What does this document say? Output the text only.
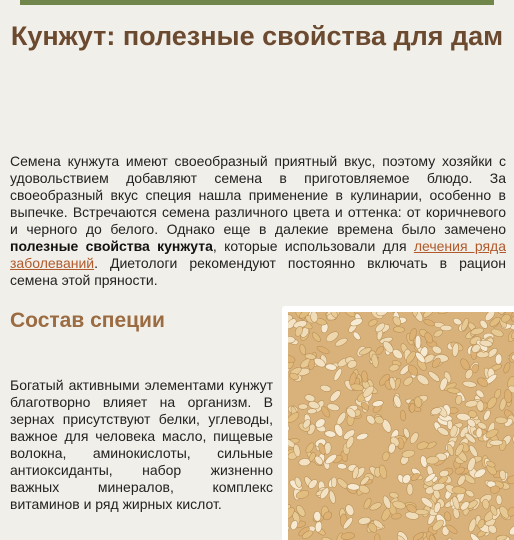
Кунжут: полезные свойства для дам

Семена кунжута имеют своеобразный приятный вкус, поэтому хозяйки с удовольствием добавляют семена в приготовляемое блюдо. За своеобразный вкус специя нашла применение в кулинарии, особенно в выпечке. Встречаются семена различного цвета и оттенка: от коричневого и черного до белого. Однако еще в далекие времена было замечено полезные свойства кунжута, которые использовали для лечения ряда заболеваний. Диетологи рекомендуют постоянно включать в рацион семена этой пряности.

Состав специи

Богатый активными элементами кунжут благотворно влияет на организм. В зернах присутствуют белки, углеводы, важное для человека масло, пищевые волокна, аминокислоты, сильные антиоксиданты, набор жизненно важных минералов, комплекс витаминов и ряд жирных кислот.
